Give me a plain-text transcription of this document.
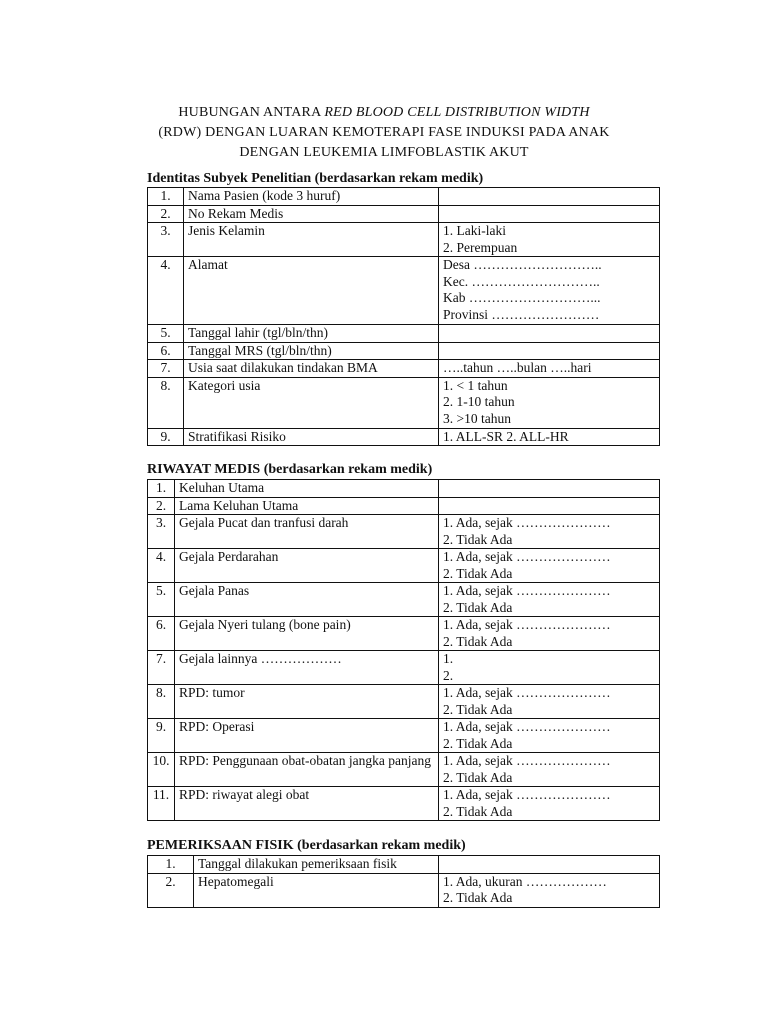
HUBUNGAN ANTARA RED BLOOD CELL DISTRIBUTION WIDTH
(RDW) DENGAN LUARAN KEMOTERAPI FASE INDUKSI PADA ANAK
DENGAN LEUKEMIA LIMFOBLASTIK AKUT
Identitas Subyek Penelitian (berdasarkan rekam medik)
1.	Nama Pasien (kode 3 huruf)	

2.	No Rekam Medis	

3.	Jenis Kelamin	1. Laki-laki
2. Perempuan

4.	Alamat	Desa ………………………..
Kec. ………………………..
Kab ………………………...
Provinsi ……………………

5.	Tanggal lahir (tgl/bln/thn)	

6.	Tanggal MRS (tgl/bln/thn)	

7.	Usia saat dilakukan tindakan BMA	…..tahun …..bulan …..hari

8.	Kategori usia	1. < 1 tahun
2. 1-10 tahun
3. >10 tahun

9.	Stratifikasi Risiko	1. ALL-SR 2. ALL-HR
RIWAYAT MEDIS (berdasarkan rekam medik)
1.	Keluhan Utama	

2.	Lama Keluhan Utama	

3.	Gejala Pucat dan tranfusi darah	1. Ada, sejak …………………
2. Tidak Ada

4.	Gejala Perdarahan	1. Ada, sejak …………………
2. Tidak Ada

5.	Gejala Panas	1. Ada, sejak …………………
2. Tidak Ada

6.	Gejala Nyeri tulang (bone pain)	1. Ada, sejak …………………
2. Tidak Ada

7.	Gejala lainnya ………………	1.
2.

8.	RPD: tumor	1. Ada, sejak …………………
2. Tidak Ada

9.	RPD: Operasi	1. Ada, sejak …………………
2. Tidak Ada

10.	RPD: Penggunaan obat-obatan jangka panjang	1. Ada, sejak …………………
2. Tidak Ada

11.	RPD: riwayat alegi obat	1. Ada, sejak …………………
2. Tidak Ada
PEMERIKSAAN FISIK (berdasarkan rekam medik)
1.	Tanggal dilakukan pemeriksaan fisik	

2.	Hepatomegali	1. Ada, ukuran ………………
2. Tidak Ada
